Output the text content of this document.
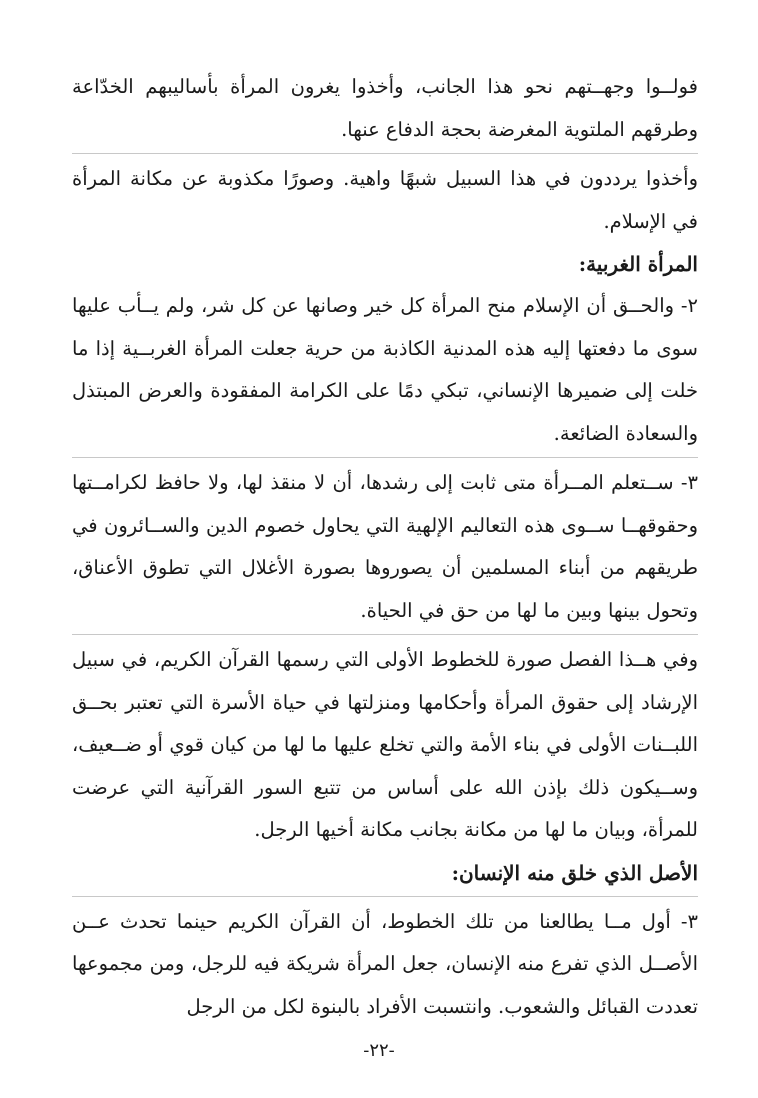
فولــوا وجهــتهم نحو هذا الجانب، وأخذوا يغرون المرأة بأساليبهم الخدّاعة وطرقهم الملتوية المغرضة بحجة الدفاع عنها.

وأخذوا يرددون في هذا السبيل شبهًا واهية. وصورًا مكذوبة عن مكانة المرأة في الإسلام.

المرأة الغربية:

٢- والحــق أن الإسلام منح المرأة كل خير وصانها عن كل شر، ولم يــأب عليها سوى ما دفعتها إليه هذه المدنية الكاذبة من حرية جعلت المرأة الغربــية إذا ما خلت إلى ضميرها الإنساني، تبكي دمًا على الكرامة المفقودة والعرض المبتذل والسعادة الضائعة.

٣- ســتعلم المــرأة متى ثابت إلى رشدها، أن لا منقذ لها، ولا حافظ لكرامــتها وحقوقهــا ســوى هذه التعاليم الإلهية التي يحاول خصوم الدين والســائرون في طريقهم من أبناء المسلمين أن يصوروها بصورة الأغلال التي تطوق الأعناق، وتحول بينها وبين ما لها من حق في الحياة.

وفي هــذا الفصل صورة للخطوط الأولى التي رسمها القرآن الكريم، في سبيل الإرشاد إلى حقوق المرأة وأحكامها ومنزلتها في حياة الأسرة التي تعتبر بحــق اللبــنات الأولى في بناء الأمة والتي تخلع عليها ما لها من كيان قوي أو ضــعيف، وســيكون ذلك بإذن الله على أساس من تتبع السور القرآنية التي عرضت للمرأة، وبيان ما لها من مكانة بجانب مكانة أخيها الرجل.

الأصل الذي خلق منه الإنسان:

٣- أول مــا يطالعنا من تلك الخطوط، أن القرآن الكريم حينما تحدث عــن الأصــل الذي تفرع منه الإنسان، جعل المرأة شريكة فيه للرجل، ومن مجموعها تعددت القبائل والشعوب. وانتسبت الأفراد بالبنوة لكل من الرجل

-٢٢-
